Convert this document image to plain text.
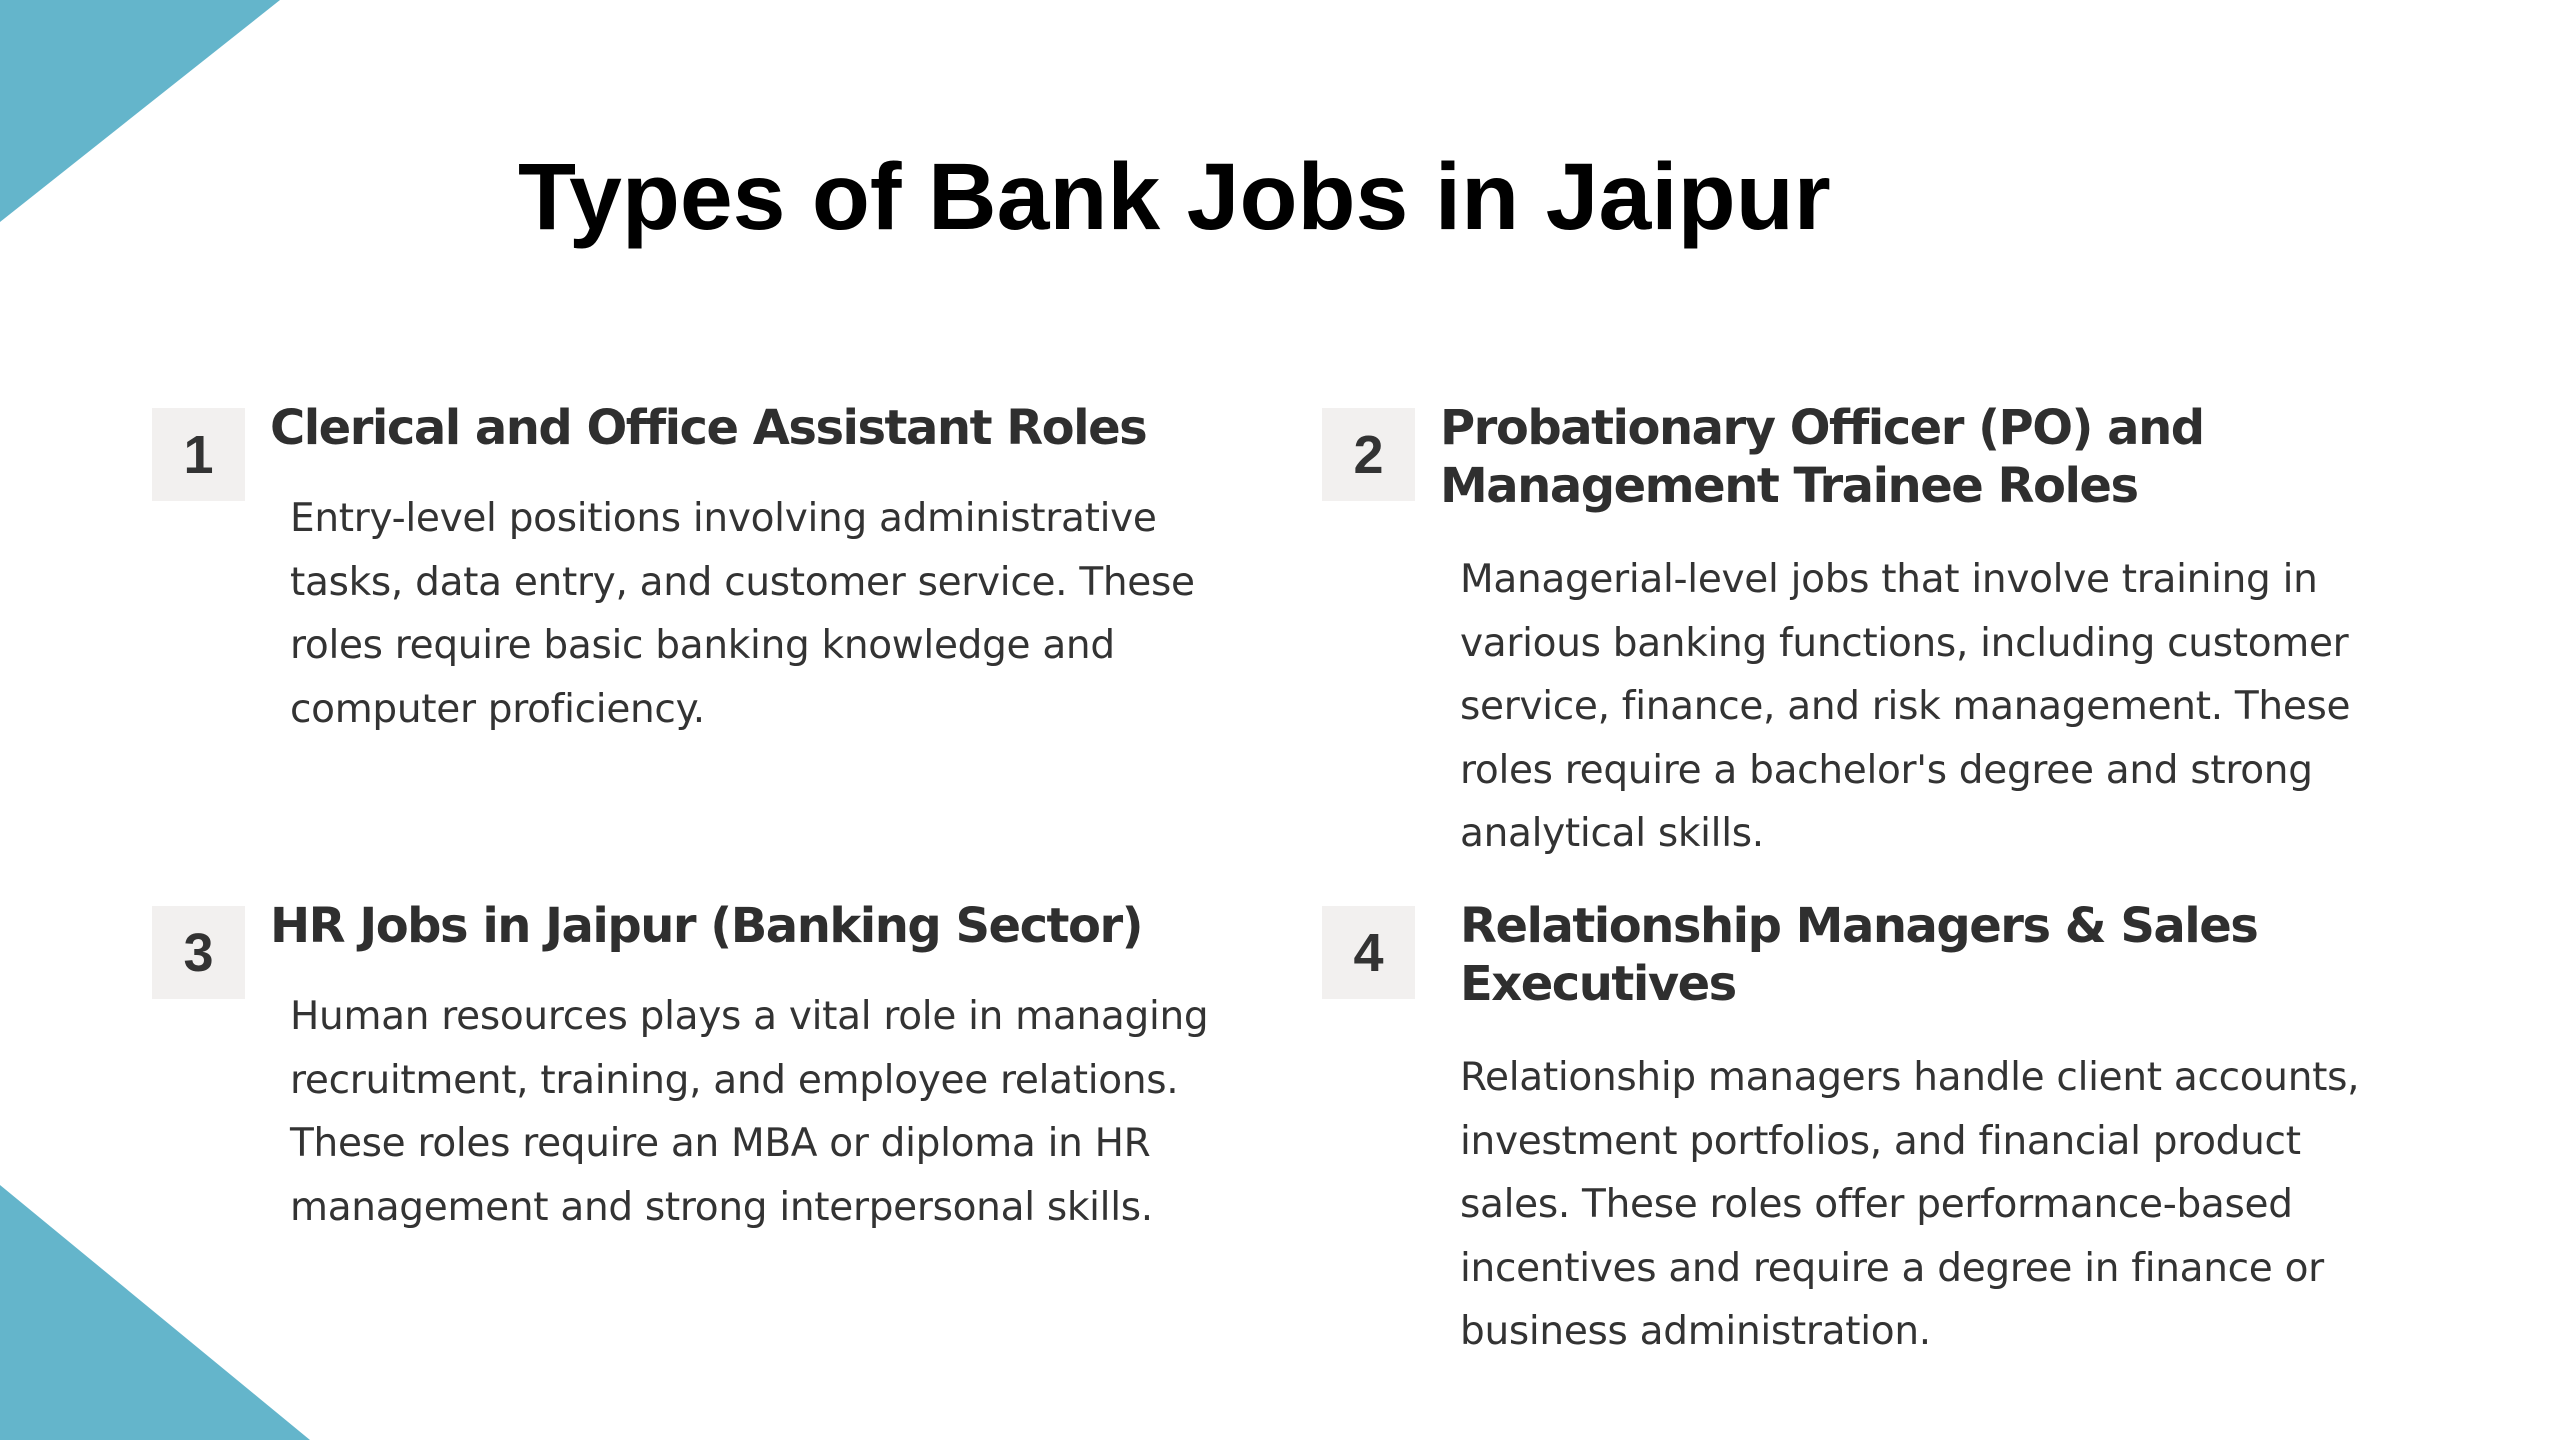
Types of Bank Jobs in Jaipur
1	Clerical and Office Assistant Roles

Entry-level positions involving administrative
tasks, data entry, and customer service. These
roles require basic banking knowledge and
computer proficiency.

2	Probationary Officer (PO) and
Management Trainee Roles

Managerial-level jobs that involve training in
various banking functions, including customer
service, finance, and risk management. These
roles require a bachelor's degree and strong
analytical skills.

3	HR Jobs in Jaipur (Banking Sector)

Human resources plays a vital role in managing
recruitment, training, and employee relations.
These roles require an MBA or diploma in HR
management and strong interpersonal skills.

4	Relationship Managers & Sales
Executives

Relationship managers handle client accounts,
investment portfolios, and financial product
sales. These roles offer performance-based
incentives and require a degree in finance or
business administration.
